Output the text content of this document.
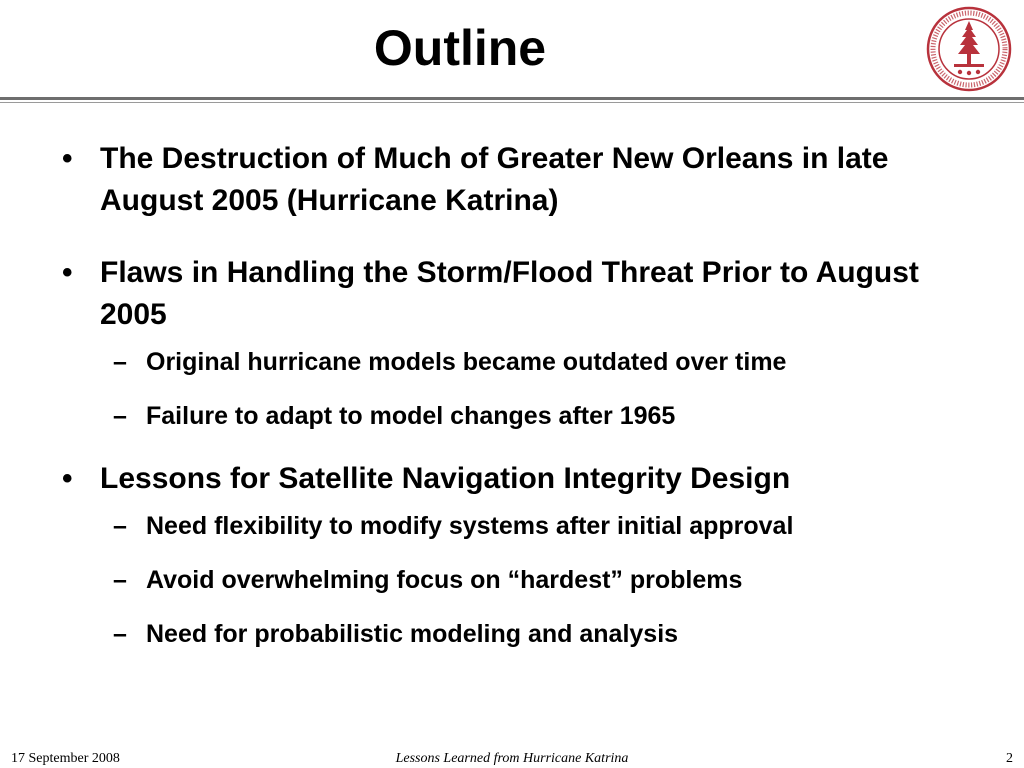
Outline
• The Destruction of Much of Greater New Orleans in late August 2005 (Hurricane Katrina)
• Flaws in Handling the Storm/Flood Threat Prior to August 2005
– Original hurricane models became outdated over time
– Failure to adapt to model changes after 1965
• Lessons for Satellite Navigation Integrity Design
– Need flexibility to modify systems after initial approval
– Avoid overwhelming focus on “hardest” problems
– Need for probabilistic modeling and analysis
17 September 2008	Lessons Learned from Hurricane Katrina	2
